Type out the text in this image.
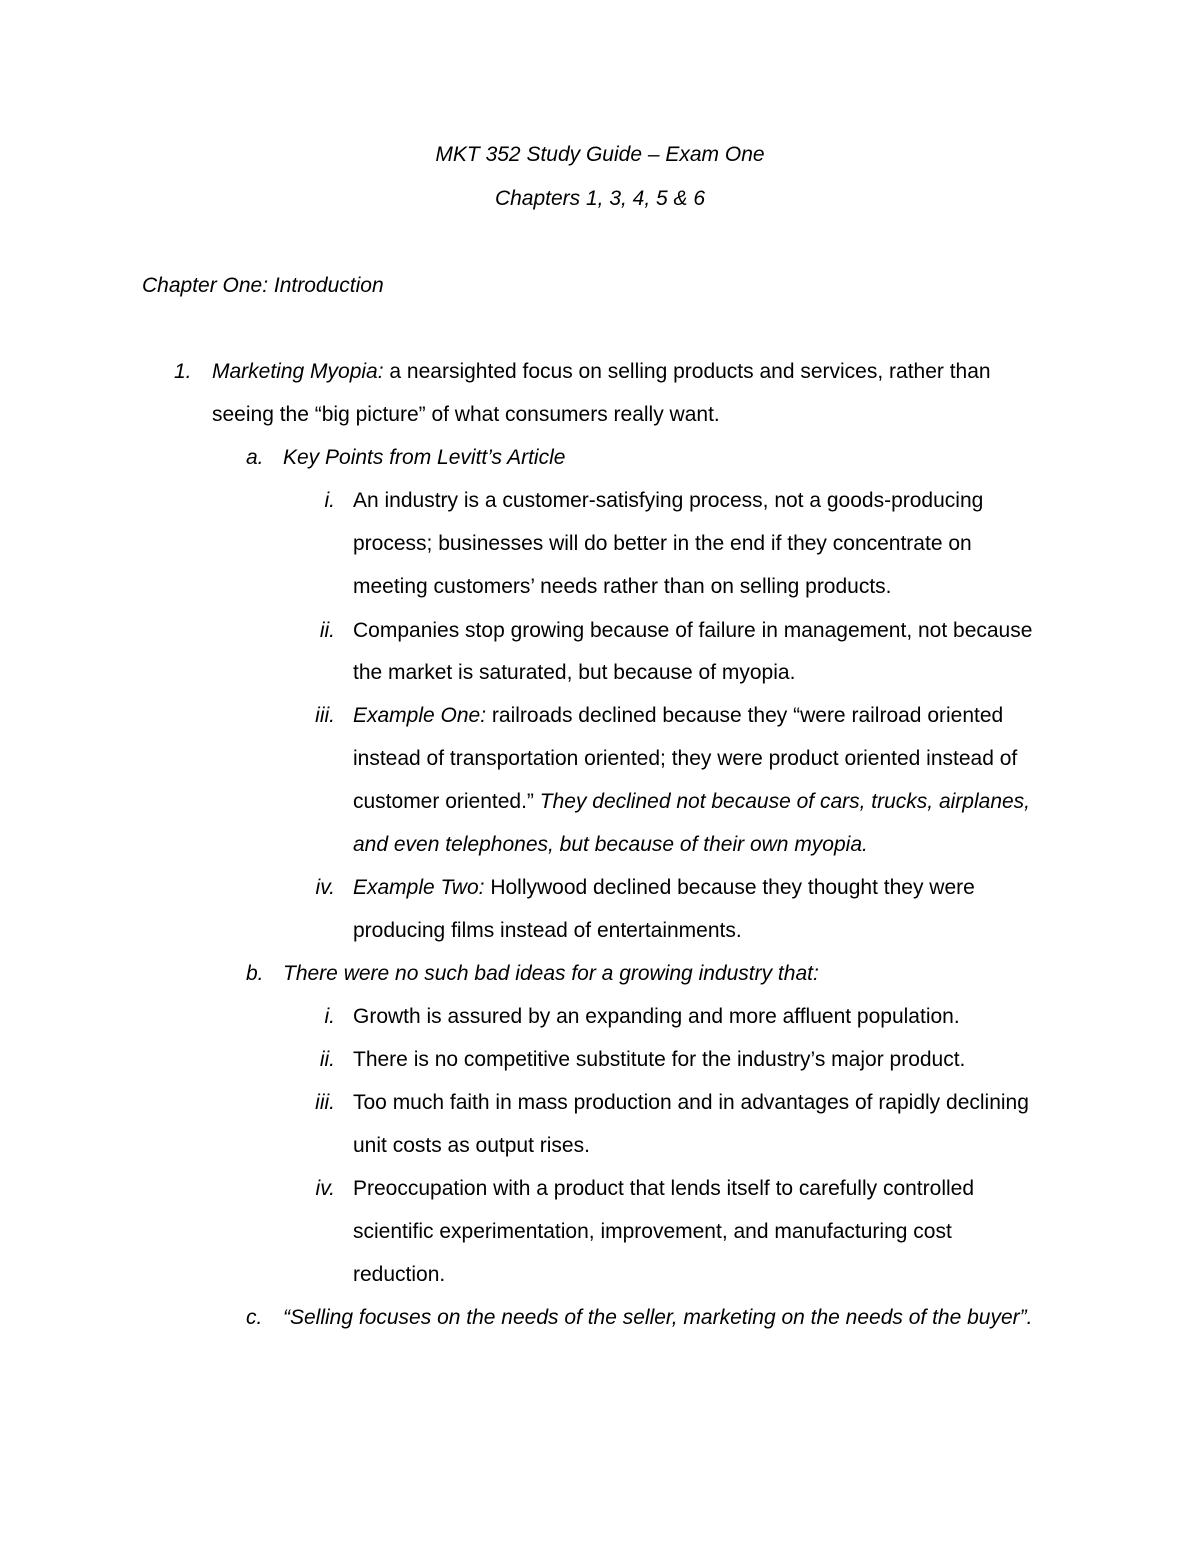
MKT 352 Study Guide – Exam One
Chapters 1, 3, 4, 5 & 6
Chapter One: Introduction
1. Marketing Myopia: a nearsighted focus on selling products and services, rather than
seeing the “big picture” of what consumers really want.
a. Key Points from Levitt’s Article
i. An industry is a customer-satisfying process, not a goods-producing
process; businesses will do better in the end if they concentrate on
meeting customers’ needs rather than on selling products.
ii. Companies stop growing because of failure in management, not because
the market is saturated, but because of myopia.
iii. Example One: railroads declined because they “were railroad oriented
instead of transportation oriented; they were product oriented instead of
customer oriented.” They declined not because of cars, trucks, airplanes,
and even telephones, but because of their own myopia.
iv. Example Two: Hollywood declined because they thought they were
producing films instead of entertainments.
b. There were no such bad ideas for a growing industry that:
i. Growth is assured by an expanding and more affluent population.
ii. There is no competitive substitute for the industry’s major product.
iii. Too much faith in mass production and in advantages of rapidly declining
unit costs as output rises.
iv. Preoccupation with a product that lends itself to carefully controlled
scientific experimentation, improvement, and manufacturing cost
reduction.
c. “Selling focuses on the needs of the seller, marketing on the needs of the buyer”.
